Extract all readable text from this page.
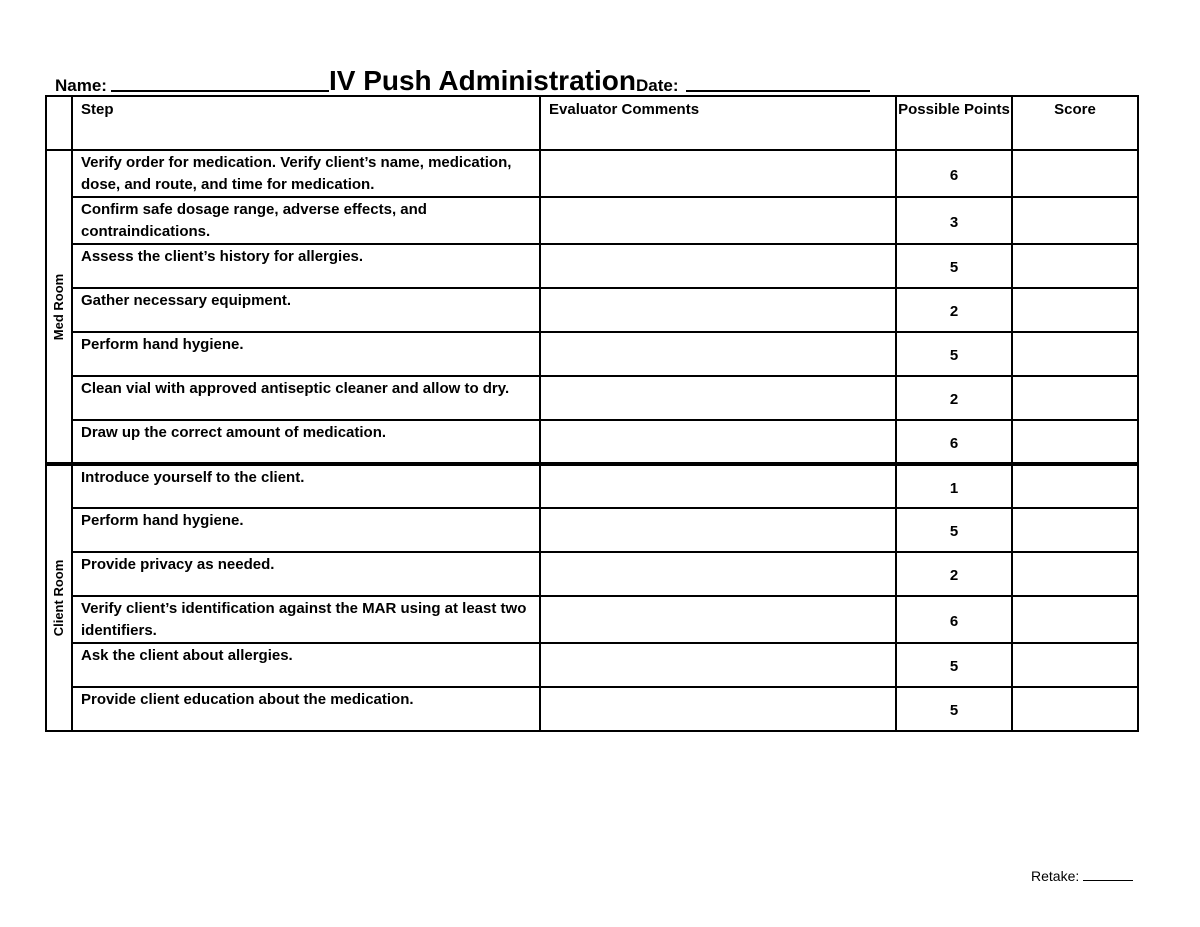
Name:	IV Push Administration Date:
	Step	Evaluator Comments	Possible Points	Score

Med Room	Verify order for medication. Verify client’s name, medication, dose, and route, and time for medication.		6	
	Confirm safe dosage range, adverse effects, and contraindications.		3	
	Assess the client’s history for allergies.		5	
	Gather necessary equipment.		2	
	Perform hand hygiene.		5	
	Clean vial with approved antiseptic cleaner and allow to dry.		2	
	Draw up the correct amount of medication.		6	

Client Room	Introduce yourself to the client.		1	
	Perform hand hygiene.		5	
	Provide privacy as needed.		2	
	Verify client’s identification against the MAR using at least two identifiers.		6	
	Ask the client about allergies.		5	
	Provide client education about the medication.		5	
Retake:
